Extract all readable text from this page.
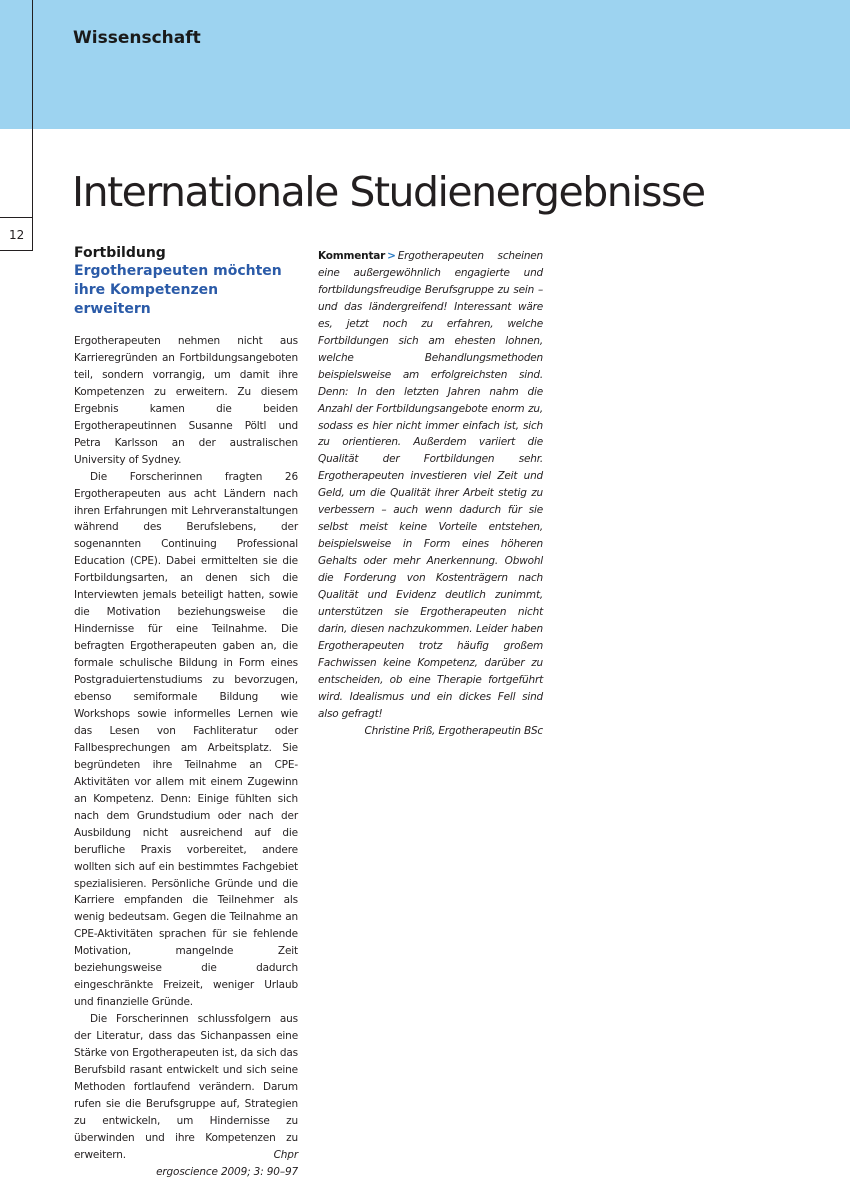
Wissenschaft
12
Internationale Studienergebnisse
Fortbildung
Ergotherapeuten möchten ihre Kompetenzen erweitern

Ergotherapeuten nehmen nicht aus Karrieregründen an Fortbildungsangeboten teil, sondern vorrangig, um damit ihre Kompetenzen zu erweitern. Zu diesem Ergebnis kamen die beiden Ergotherapeutinnen Susanne Pöltl und Petra Karlsson an der australischen University of Sydney.

Die Forscherinnen fragten 26 Ergotherapeuten aus acht Ländern nach ihren Erfahrungen mit Lehrveranstaltungen während des Berufslebens, der sogenannten Continuing Professional Education (CPE). Dabei ermittelten sie die Fortbildungsarten, an denen sich die Interviewten jemals beteiligt hatten, sowie die Motivation beziehungsweise die Hindernisse für eine Teilnahme. Die befragten Ergotherapeuten gaben an, die formale schulische Bildung in Form eines Postgraduiertenstudiums zu bevorzugen, ebenso semiformale Bildung wie Workshops sowie informelles Lernen wie das Lesen von Fachliteratur oder Fallbesprechungen am Arbeitsplatz. Sie begründeten ihre Teilnahme an CPE-Aktivitäten vor allem mit einem Zugewinn an Kompetenz. Denn: Einige fühlten sich nach dem Grundstudium oder nach der Ausbildung nicht ausreichend auf die berufliche Praxis vorbereitet, andere wollten sich auf ein bestimmtes Fachgebiet spezialisieren. Persönliche Gründe und die Karriere empfanden die Teilnehmer als wenig bedeutsam. Gegen die Teilnahme an CPE-Aktivitäten sprachen für sie fehlende Motivation, mangelnde Zeit beziehungsweise die dadurch eingeschränkte Freizeit, weniger Urlaub und finanzielle Gründe.

Die Forscherinnen schlussfolgern aus der Literatur, dass das Sichanpassen eine Stärke von Ergotherapeuten ist, da sich das Berufsbild rasant entwickelt und sich seine Methoden fortlaufend verändern. Darum rufen sie die Berufsgruppe auf, Strategien zu entwickeln, um Hindernisse zu überwinden und ihre Kompetenzen zu erweitern.	Chpr

ergoscience 2009; 3: 90–97

Kommentar > Ergotherapeuten scheinen eine außergewöhnlich engagierte und fortbildungsfreudige Berufsgruppe zu sein – und das ländergreifend! Interessant wäre es, jetzt noch zu erfahren, welche Fortbildungen sich am ehesten lohnen, welche Behandlungsmethoden beispielsweise am erfolgreichsten sind. Denn: In den letzten Jahren nahm die Anzahl der Fortbildungsangebote enorm zu, sodass es hier nicht immer einfach ist, sich zu orientieren. Außerdem variiert die Qualität der Fortbildungen sehr. Ergotherapeuten investieren viel Zeit und Geld, um die Qualität ihrer Arbeit stetig zu verbessern – auch wenn dadurch für sie selbst meist keine Vorteile entstehen, beispielsweise in Form eines höheren Gehalts oder mehr Anerkennung. Obwohl die Forderung von Kostenträgern nach Qualität und Evidenz deutlich zunimmt, unterstützen sie Ergotherapeuten nicht darin, diesen nachzukommen. Leider haben Ergotherapeuten trotz häufig großem Fachwissen keine Kompetenz, darüber zu entscheiden, ob eine Therapie fortgeführt wird. Idealismus und ein dickes Fell sind also gefragt!

Christine Priß, Ergotherapeutin BSc
